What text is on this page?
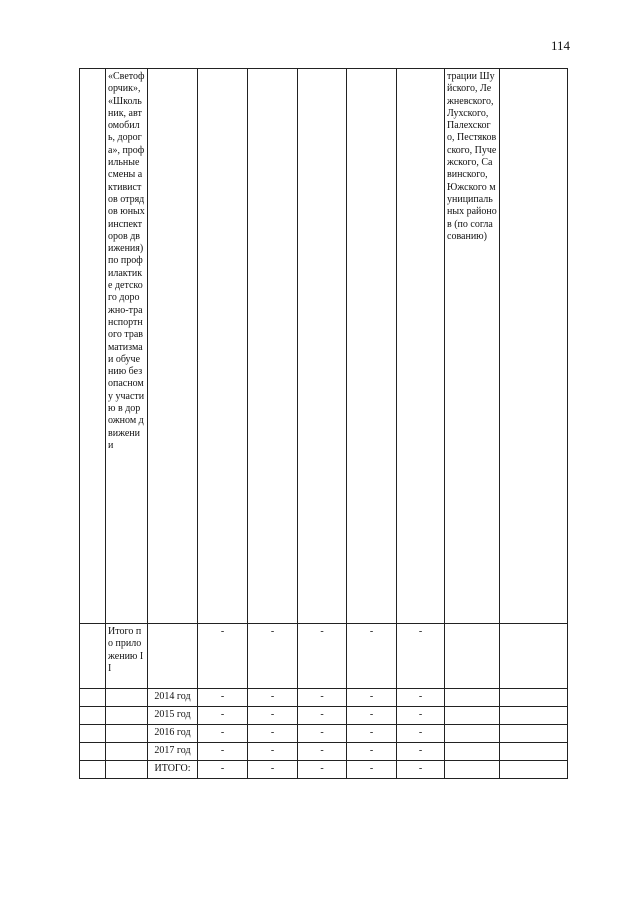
114
	«Светофорчик», «Школьник, автомобиль, дорога», профильные смены активистов отрядов юных инспекторов движения) по профилактике детского дорожно-транспортного травматизма и обучению безопасному участию в дорожном движении							трации Шуйского, Лежневского, Лухского, Палехского, Пестяковского, Пучежского, Савинского, Южского муниципальных районов (по согласованию)	
	Итого по приложению II		-	-	-	-	-		
		2014 год	-	-	-	-	-		
		2015 год	-	-	-	-	-		
		2016 год	-	-	-	-	-		
		2017 год	-	-	-	-	-		
		ИТОГО:	-	-	-	-	-		
